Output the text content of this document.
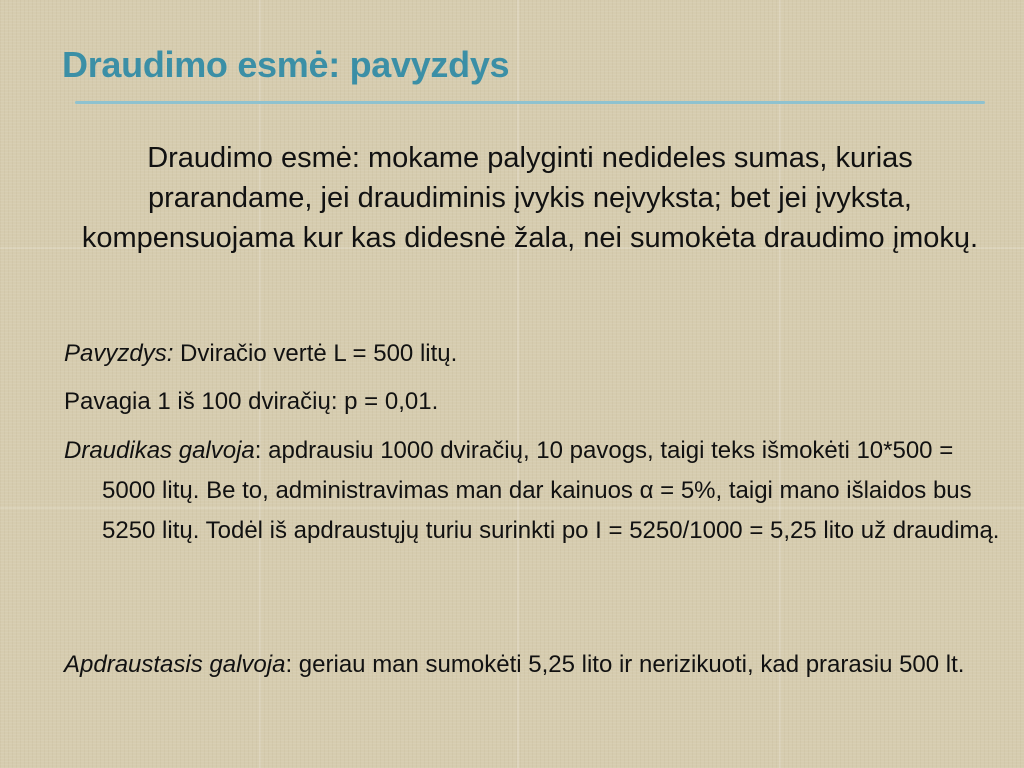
Draudimo esmė: pavyzdys
Draudimo esmė: mokame palyginti nedideles sumas, kurias prarandame, jei draudiminis įvykis neįvyksta; bet jei įvyksta, kompensuojama kur kas didesnė žala, nei sumokėta draudimo įmokų.
Pavyzdys: Dviračio vertė L = 500 litų.
Pavagia 1 iš 100 dviračių: p = 0,01.
Draudikas galvoja: apdrausiu 1000 dviračių, 10 pavogs, taigi teks išmokėti 10*500 = 5000 litų. Be to, administravimas man dar kainuos α = 5%, taigi mano išlaidos bus 5250 litų. Todėl iš apdraustųjų turiu surinkti po I = 5250/1000 = 5,25 lito už draudimą.
Apdraustasis galvoja: geriau man sumokėti 5,25 lito ir nerizikuoti, kad prarasiu 500 lt.
